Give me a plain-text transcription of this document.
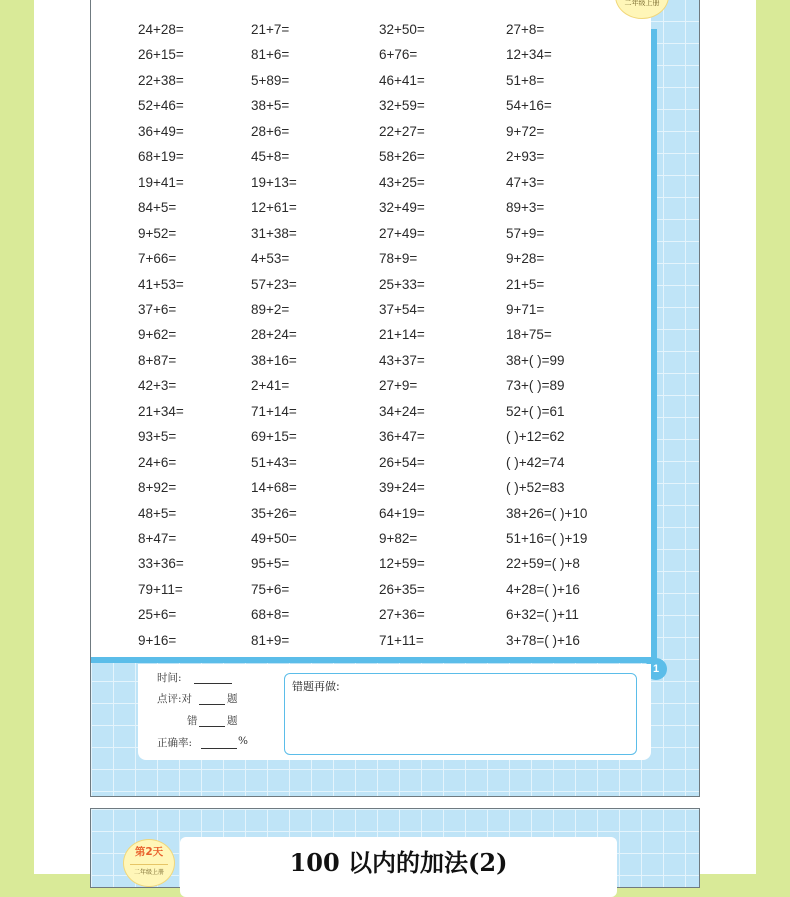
二年级上册
24+28=	21+7=	32+50=	27+8=
26+15=	81+6=	6+76=	12+34=
22+38=	5+89=	46+41=	51+8=
52+46=	38+5=	32+59=	54+16=
36+49=	28+6=	22+27=	9+72=
68+19=	45+8=	58+26=	2+93=
19+41=	19+13=	43+25=	47+3=
84+5=	12+61=	32+49=	89+3=
9+52=	31+38=	27+49=	57+9=
7+66=	4+53=	78+9=	9+28=
41+53=	57+23=	25+33=	21+5=
37+6=	89+2=	37+54=	9+71=
9+62=	28+24=	21+14=	18+75=
8+87=	38+16=	43+37=	38+( )=99
42+3=	2+41=	27+9=	73+( )=89
21+34=	71+14=	34+24=	52+( )=61
93+5=	69+15=	36+47=	( )+12=62
24+6=	51+43=	26+54=	( )+42=74
8+92=	14+68=	39+24=	( )+52=83
48+5=	35+26=	64+19=	38+26=( )+10
8+47=	49+50=	9+82=	51+16=( )+19
33+36=	95+5=	12+59=	22+59=( )+8
79+11=	75+6=	26+35=	4+28=( )+16
25+6=	68+8=	27+36=	6+32=( )+11
9+16=	81+9=	71+11=	3+78=( )+16
1
时间:
点评:对	题
错	题
正确率:	%
错题再做:
第2天
二年级上册	100 以内的加法(2)
